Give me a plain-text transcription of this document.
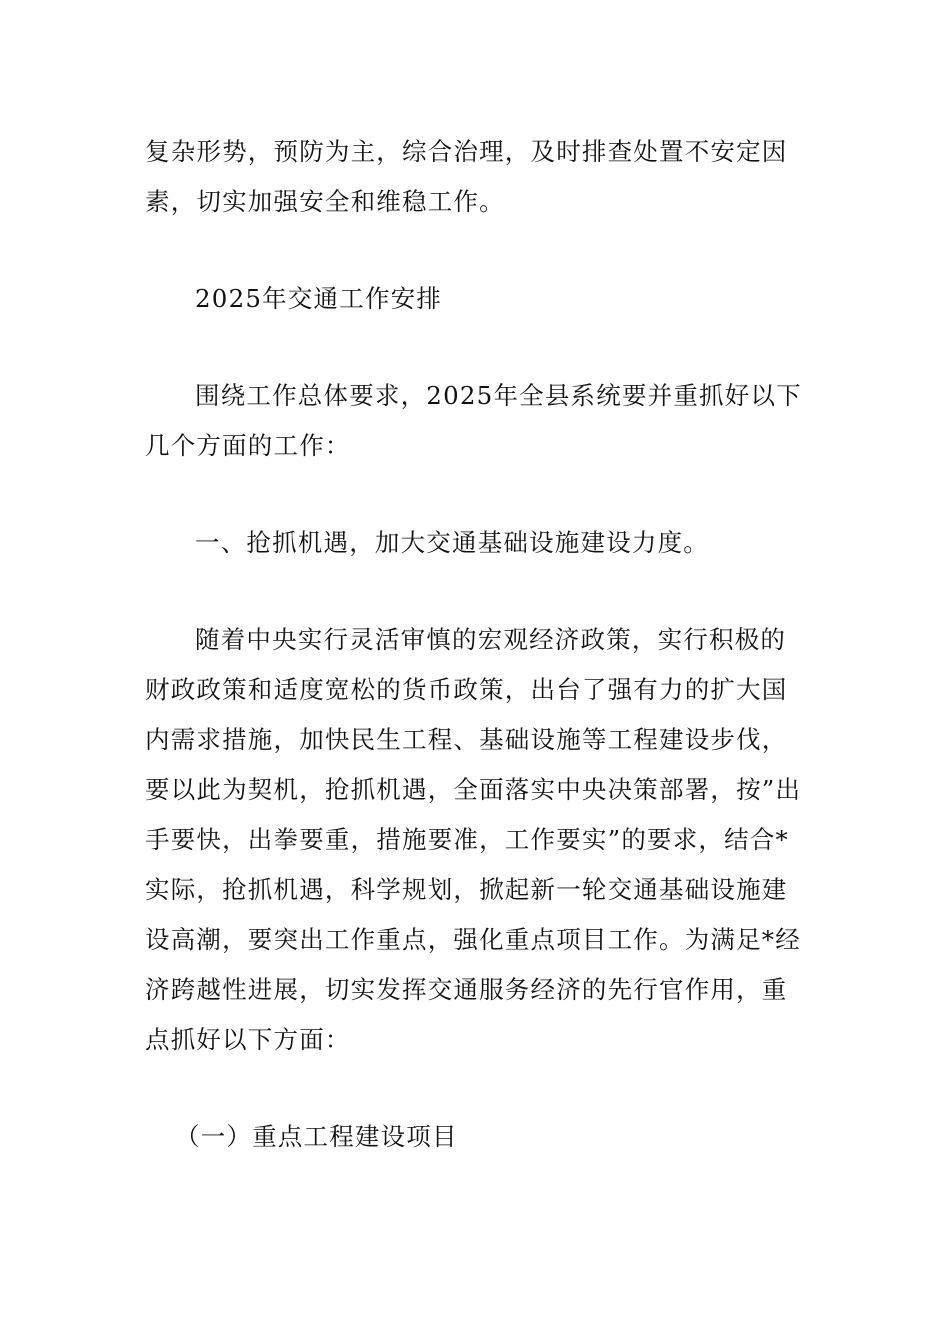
复杂形势，预防为主，综合治理，及时排查处置不安定因素，切实加强安全和维稳工作。

2025年交通工作安排

围绕工作总体要求，2025年全县系统要并重抓好以下几个方面的工作：

一、抢抓机遇，加大交通基础设施建设力度。

随着中央实行灵活审慎的宏观经济政策，实行积极的财政政策和适度宽松的货币政策，出台了强有力的扩大国内需求措施，加快民生工程、基础设施等工程建设步伐，要以此为契机，抢抓机遇，全面落实中央决策部署，按”出手要快，出拳要重，措施要准，工作要实”的要求，结合*实际，抢抓机遇，科学规划，掀起新一轮交通基础设施建设高潮，要突出工作重点，强化重点项目工作。为满足*经济跨越性进展，切实发挥交通服务经济的先行官作用，重点抓好以下方面：

（一）重点工程建设项目
